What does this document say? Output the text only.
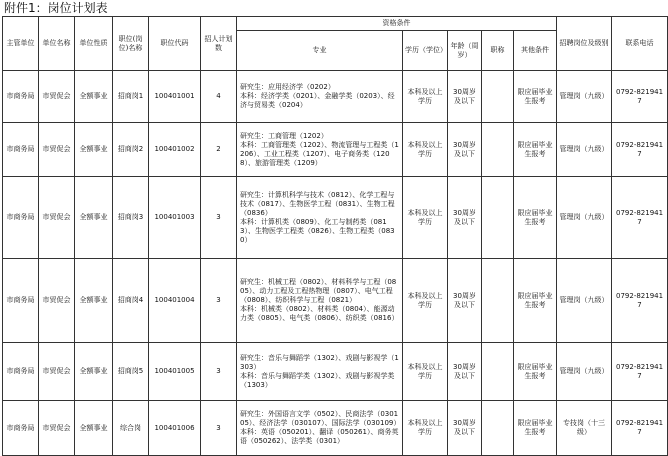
附件1：岗位计划表
主管单位	单位名称	单位性质	职位(岗位)名称	职位代码	招人计划数	资格条件					招聘岗位及级别	联系电话
						专业	学历（学位）	年龄（周岁）	职称	其他条件		
市商务局	市贸促会	全额事业	招商岗1	100401001	4	研究生：应用经济学（0202）
本科：经济学类（0201）、金融学类（0203）、经济与贸易类（0204）	本科及以上学历	30周岁及以下		限应届毕业生报考	管理岗（九级）	0792-8219417
市商务局	市贸促会	全额事业	招商岗2	100401002	2	研究生：工商管理（1202）
本科：工商管理类（1202）、物流管理与工程类（1206）、工业工程类（1207）、电子商务类（1208）、旅游管理类（1209）	本科及以上学历	30周岁及以下		限应届毕业生报考	管理岗（九级）	0792-8219417
市商务局	市贸促会	全额事业	招商岗3	100401003	3	研究生：计算机科学与技术（0812）、化学工程与技术（0817）、生物医学工程（0831）、生物工程（0836）
本科：计算机类（0809）、化工与制药类（0813）、生物医学工程类（0826）、生物工程类（0830）	本科及以上学历	30周岁及以下		限应届毕业生报考	管理岗（九级）	0792-8219417
市商务局	市贸促会	全额事业	招商岗4	100401004	3	研究生：机械工程（0802）、材料科学与工程（0805）、动力工程及工程热物理（0807）、电气工程（0808）、纺织科学与工程（0821）
本科：机械类（0802）、材料类（0804）、能源动力类（0805）、电气类（0806）、纺织类（0816）	本科及以上学历	30周岁及以下		限应届毕业生报考	管理岗（九级）	0792-8219417
市商务局	市贸促会	全额事业	招商岗5	100401005	3	研究生：音乐与舞蹈学（1302）、戏剧与影视学（1303）
本科：音乐与舞蹈学类（1302）、戏剧与影视学类（1303）	本科及以上学历	30周岁及以下		限应届毕业生报考	管理岗（九级）	0792-8219417
市商务局	市贸促会	全额事业	综合岗	100401006	3	研究生：外国语言文学（0502）、民商法学（030105）、经济法学（030107）、国际法学（030109）
本科：英语（050201）、翻译（050261）、商务英语（050262）、法学类（0301）	本科及以上学历	30周岁及以下		限应届毕业生报考	专技岗（十三级）	0792-8219417
